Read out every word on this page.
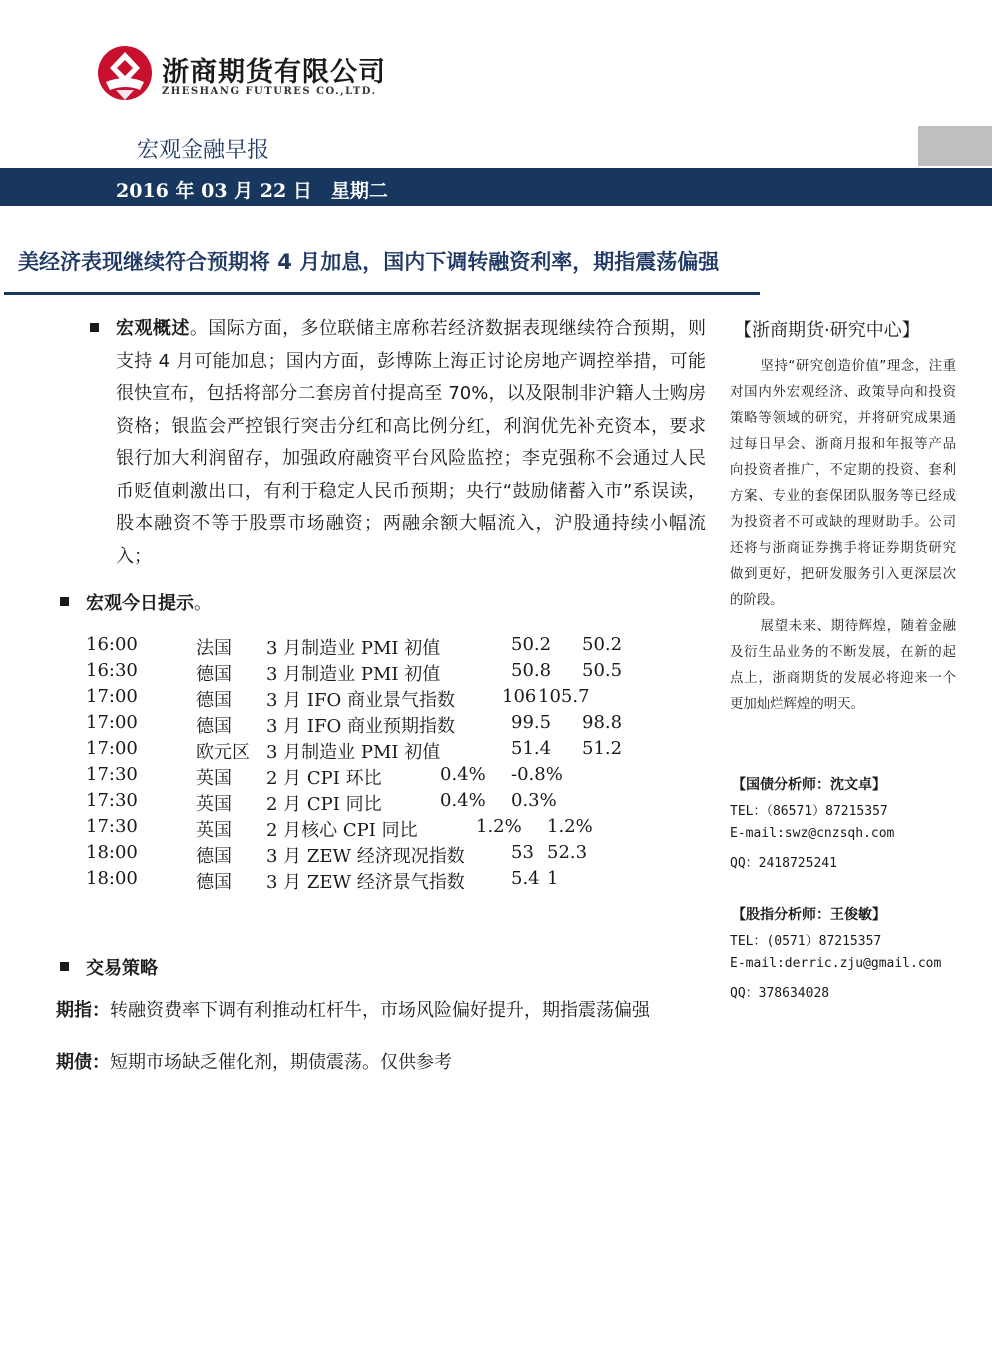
浙商期货有限公司
ZHESHANG FUTURES CO.,LTD.
宏观金融早报
2016 年 03 月 22 日　星期二
美经济表现继续符合预期将 4 月加息，国内下调转融资利率，期指震荡偏强
宏观概述。国际方面，多位联储主席称若经济数据表现继续符合预期，则支持 4 月可能加息；国内方面，彭博陈上海正讨论房地产调控举措，可能很快宣布，包括将部分二套房首付提高至 70%，以及限制非沪籍人士购房资格；银监会严控银行突击分红和高比例分红，利润优先补充资本，要求银行加大利润留存，加强政府融资平台风险监控；李克强称不会通过人民币贬值刺激出口，有利于稳定人民币预期；央行“鼓励储蓄入市”系误读，股本融资不等于股票市场融资；两融余额大幅流入，沪股通持续小幅流入；
宏观今日提示。
16:00	法国 3 月制造业 PMI 初值	50.2 50.2
16:30	德国 3 月制造业 PMI 初值	50.8 50.5
17:00	德国 3 月 IFO 商业景气指数	106 105.7
17:00	德国 3 月 IFO 商业预期指数	99.5 98.8
17:00	欧元区 3 月制造业 PMI 初值	51.4 51.2
17:30	英国 2 月 CPI 环比	0.4% -0.8%
17:30	英国 2 月 CPI 同比	0.4% 0.3%
17:30	英国 2 月核心 CPI 同比	1.2% 1.2%
18:00	德国 3 月 ZEW 经济现况指数	53 52.3
18:00	德国 3 月 ZEW 经济景气指数	5.4 1
交易策略
期指：转融资费率下调有利推动杠杆牛，市场风险偏好提升，期指震荡偏强
期债：短期市场缺乏催化剂，期债震荡。仅供参考
【浙商期货·研究中心】
坚持“研究创造价值”理念，注重对国内外宏观经济、政策导向和投资策略等领域的研究，并将研究成果通过每日早会、浙商月报和年报等产品向投资者推广，不定期的投资、套利方案、专业的套保团队服务等已经成为投资者不可或缺的理财助手。公司还将与浙商证券携手将证券期货研究做到更好，把研发服务引入更深层次的阶段。
展望未来、期待辉煌，随着金融及衍生品业务的不断发展，在新的起点上，浙商期货的发展必将迎来一个更加灿烂辉煌的明天。
【国债分析师：沈文卓】
TEL：（86571）87215357
E-mail:swz@cnzsqh.com
QQ：2418725241
【股指分析师：王俊敏】
TEL：(0571）87215357
E-mail:derric.zju@gmail.com
QQ：378634028
